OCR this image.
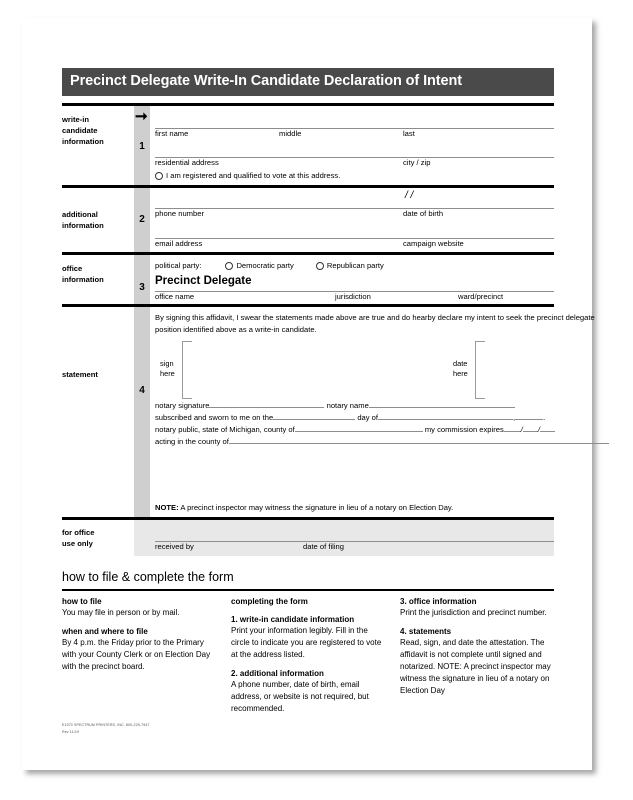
Precinct Delegate Write-In Candidate Declaration of Intent
write-in
candidate
information
➞
1
first name	middle	last
residential address	city / zip
I am registered and qualified to vote at this address.
additional
information
2
/ /
phone number	date of birth
email address	campaign website
office
information
3
political party:	Democratic party	Republican party
Precinct Delegate
office name	jurisdiction	ward/precinct
statement
4
By signing this affidavit, I swear the statements made above are true and do hearby declare my intent to seek the precinct delegate position identified above as a write-in candidate.
sign
here
date
here
notary signature	notary name
subscribed and sworn to me on the	day of	,	.
notary public, state of Michigan, county of	my commission expires / /
acting in the county of
NOTE: A precinct inspector may witness the signature in lieu of a notary on Election Day.
for office
use only	received by	date of filing
how to file & complete the form
how to file

You may file in person or by mail.

when and where to file

By 4 p.m. the Friday prior to the Primary with your County Clerk or on Election Day with the precinct board.

completing the form
1. write-in candidate information

Print your information legibly. Fill in the circle to indicate you are registered to vote at the address listed.

2. additional information

A phone number, date of birth, email address, or website is not required, but recommended.

3. office information

Print the jurisdiction and precinct number.

4. statements

Read, sign, and date the attestation. The affidavit is not complete until signed and notarized. NOTE: A precinct inspector may witness the signature in lieu of a notary on Election Day

E1570 SPECTRUM PRINTERS, INC. 800-225-7947
Rev 11/19
